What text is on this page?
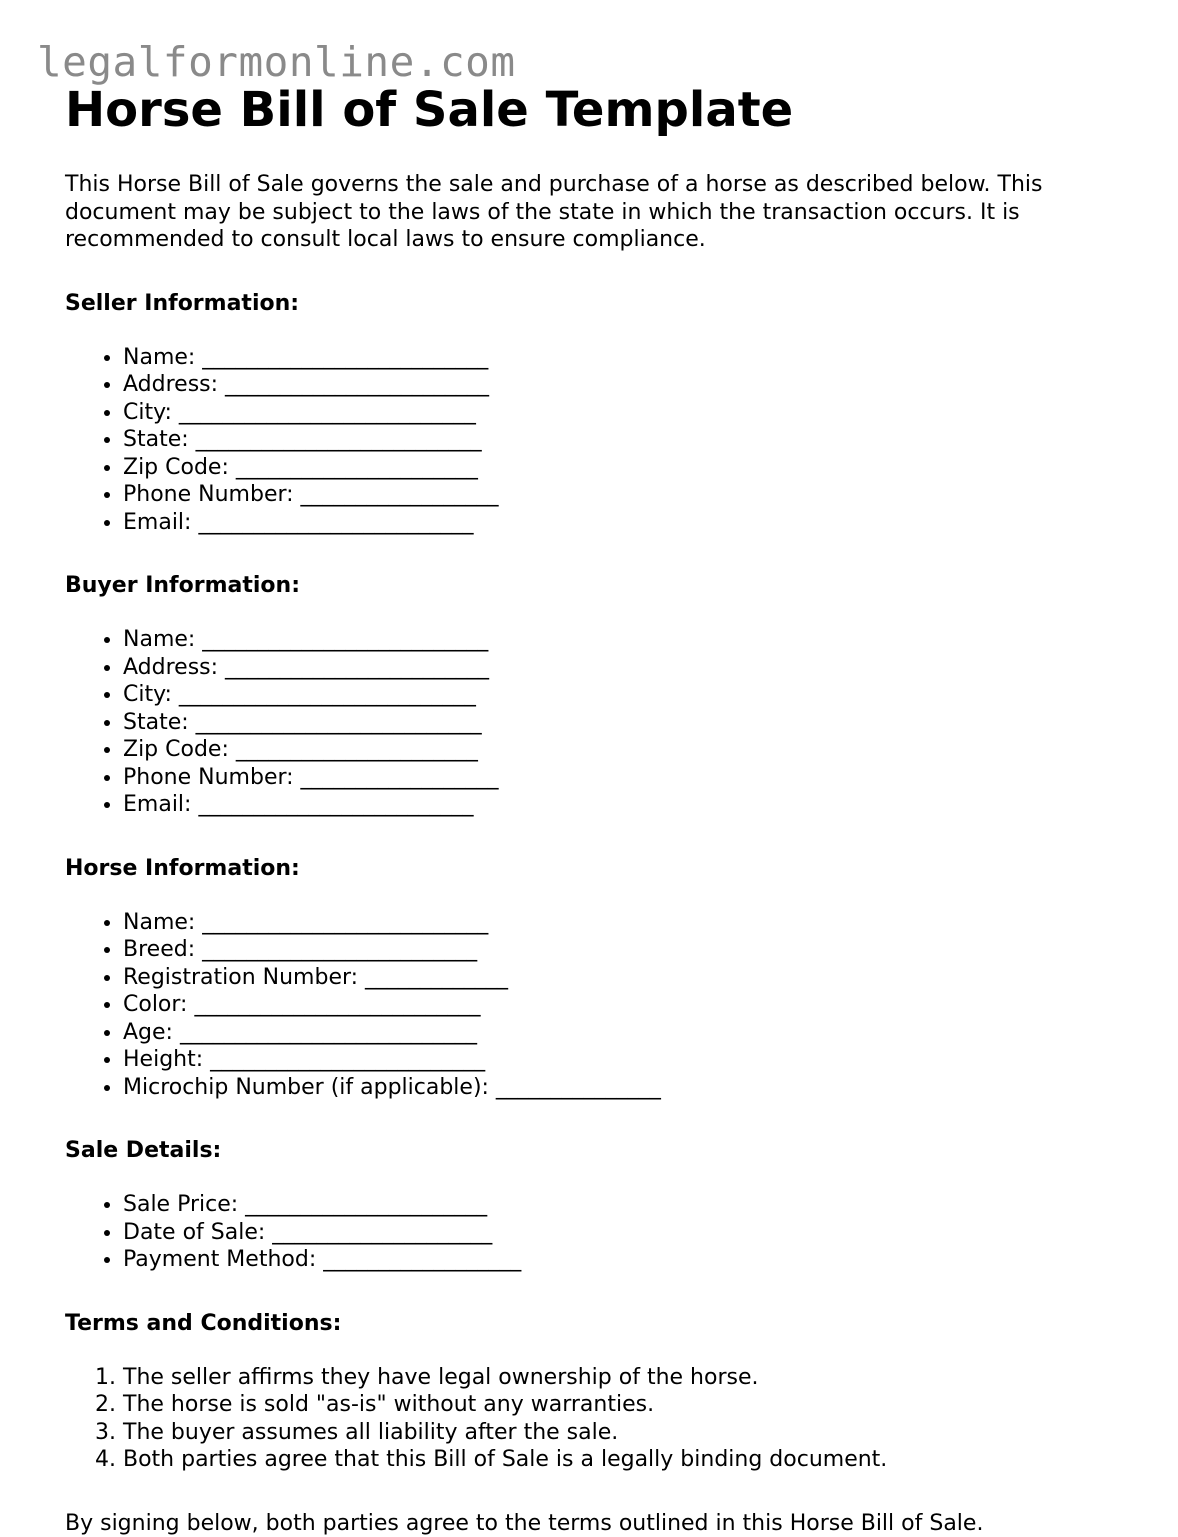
legalformonline.com
Horse Bill of Sale Template

This Horse Bill of Sale governs the sale and purchase of a horse as described below. This document may be subject to the laws of the state in which the transaction occurs. It is recommended to consult local laws to ensure compliance.

Seller Information:
• Name: __________________________
• Address: ________________________
• City: ___________________________
• State: __________________________
• Zip Code: ______________________
• Phone Number: __________________
• Email: _________________________
Buyer Information:
• Name: __________________________
• Address: ________________________
• City: ___________________________
• State: __________________________
• Zip Code: ______________________
• Phone Number: __________________
• Email: _________________________
Horse Information:
• Name: __________________________
• Breed: _________________________
• Registration Number: _____________
• Color: __________________________
• Age: ___________________________
• Height: _________________________
• Microchip Number (if applicable): _______________
Sale Details:
• Sale Price: ______________________
• Date of Sale: ____________________
• Payment Method: __________________
Terms and Conditions:
1. The seller affirms they have legal ownership of the horse.
2. The horse is sold "as-is" without any warranties.
3. The buyer assumes all liability after the sale.
4. Both parties agree that this Bill of Sale is a legally binding document.

By signing below, both parties agree to the terms outlined in this Horse Bill of Sale.
